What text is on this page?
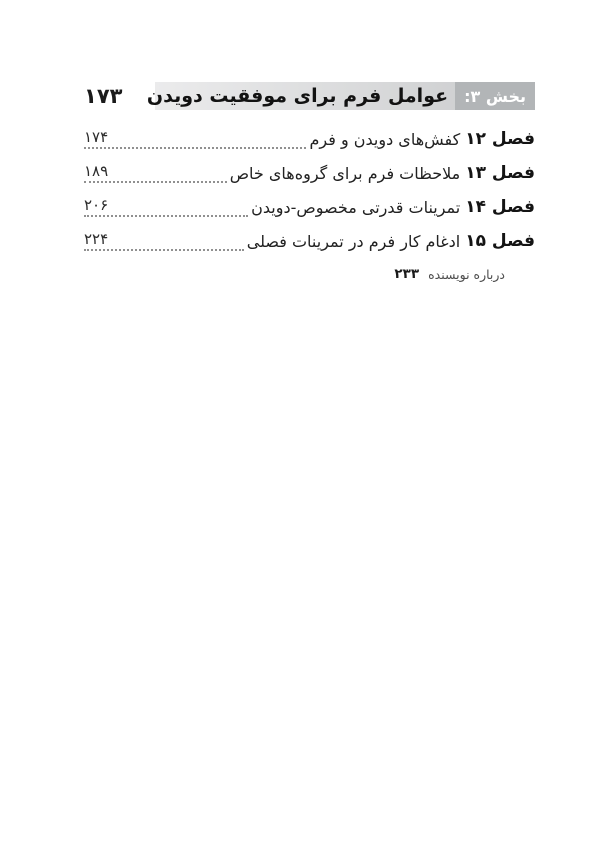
۱۷۳	بخش ۳:
عوامل فرم برای موفقیت دویدن
فصل ۱۲
کفش‌های دویدن و فرم
۱۷۴
فصل ۱۳
ملاحظات فرم برای گروه‌های خاص
۱۸۹
فصل ۱۴
تمرینات قدرتی مخصوص-دویدن
۲۰۶
فصل ۱۵
ادغام کار فرم در تمرینات فصلی
۲۲۴
درباره نویسنده
۲۳۳
